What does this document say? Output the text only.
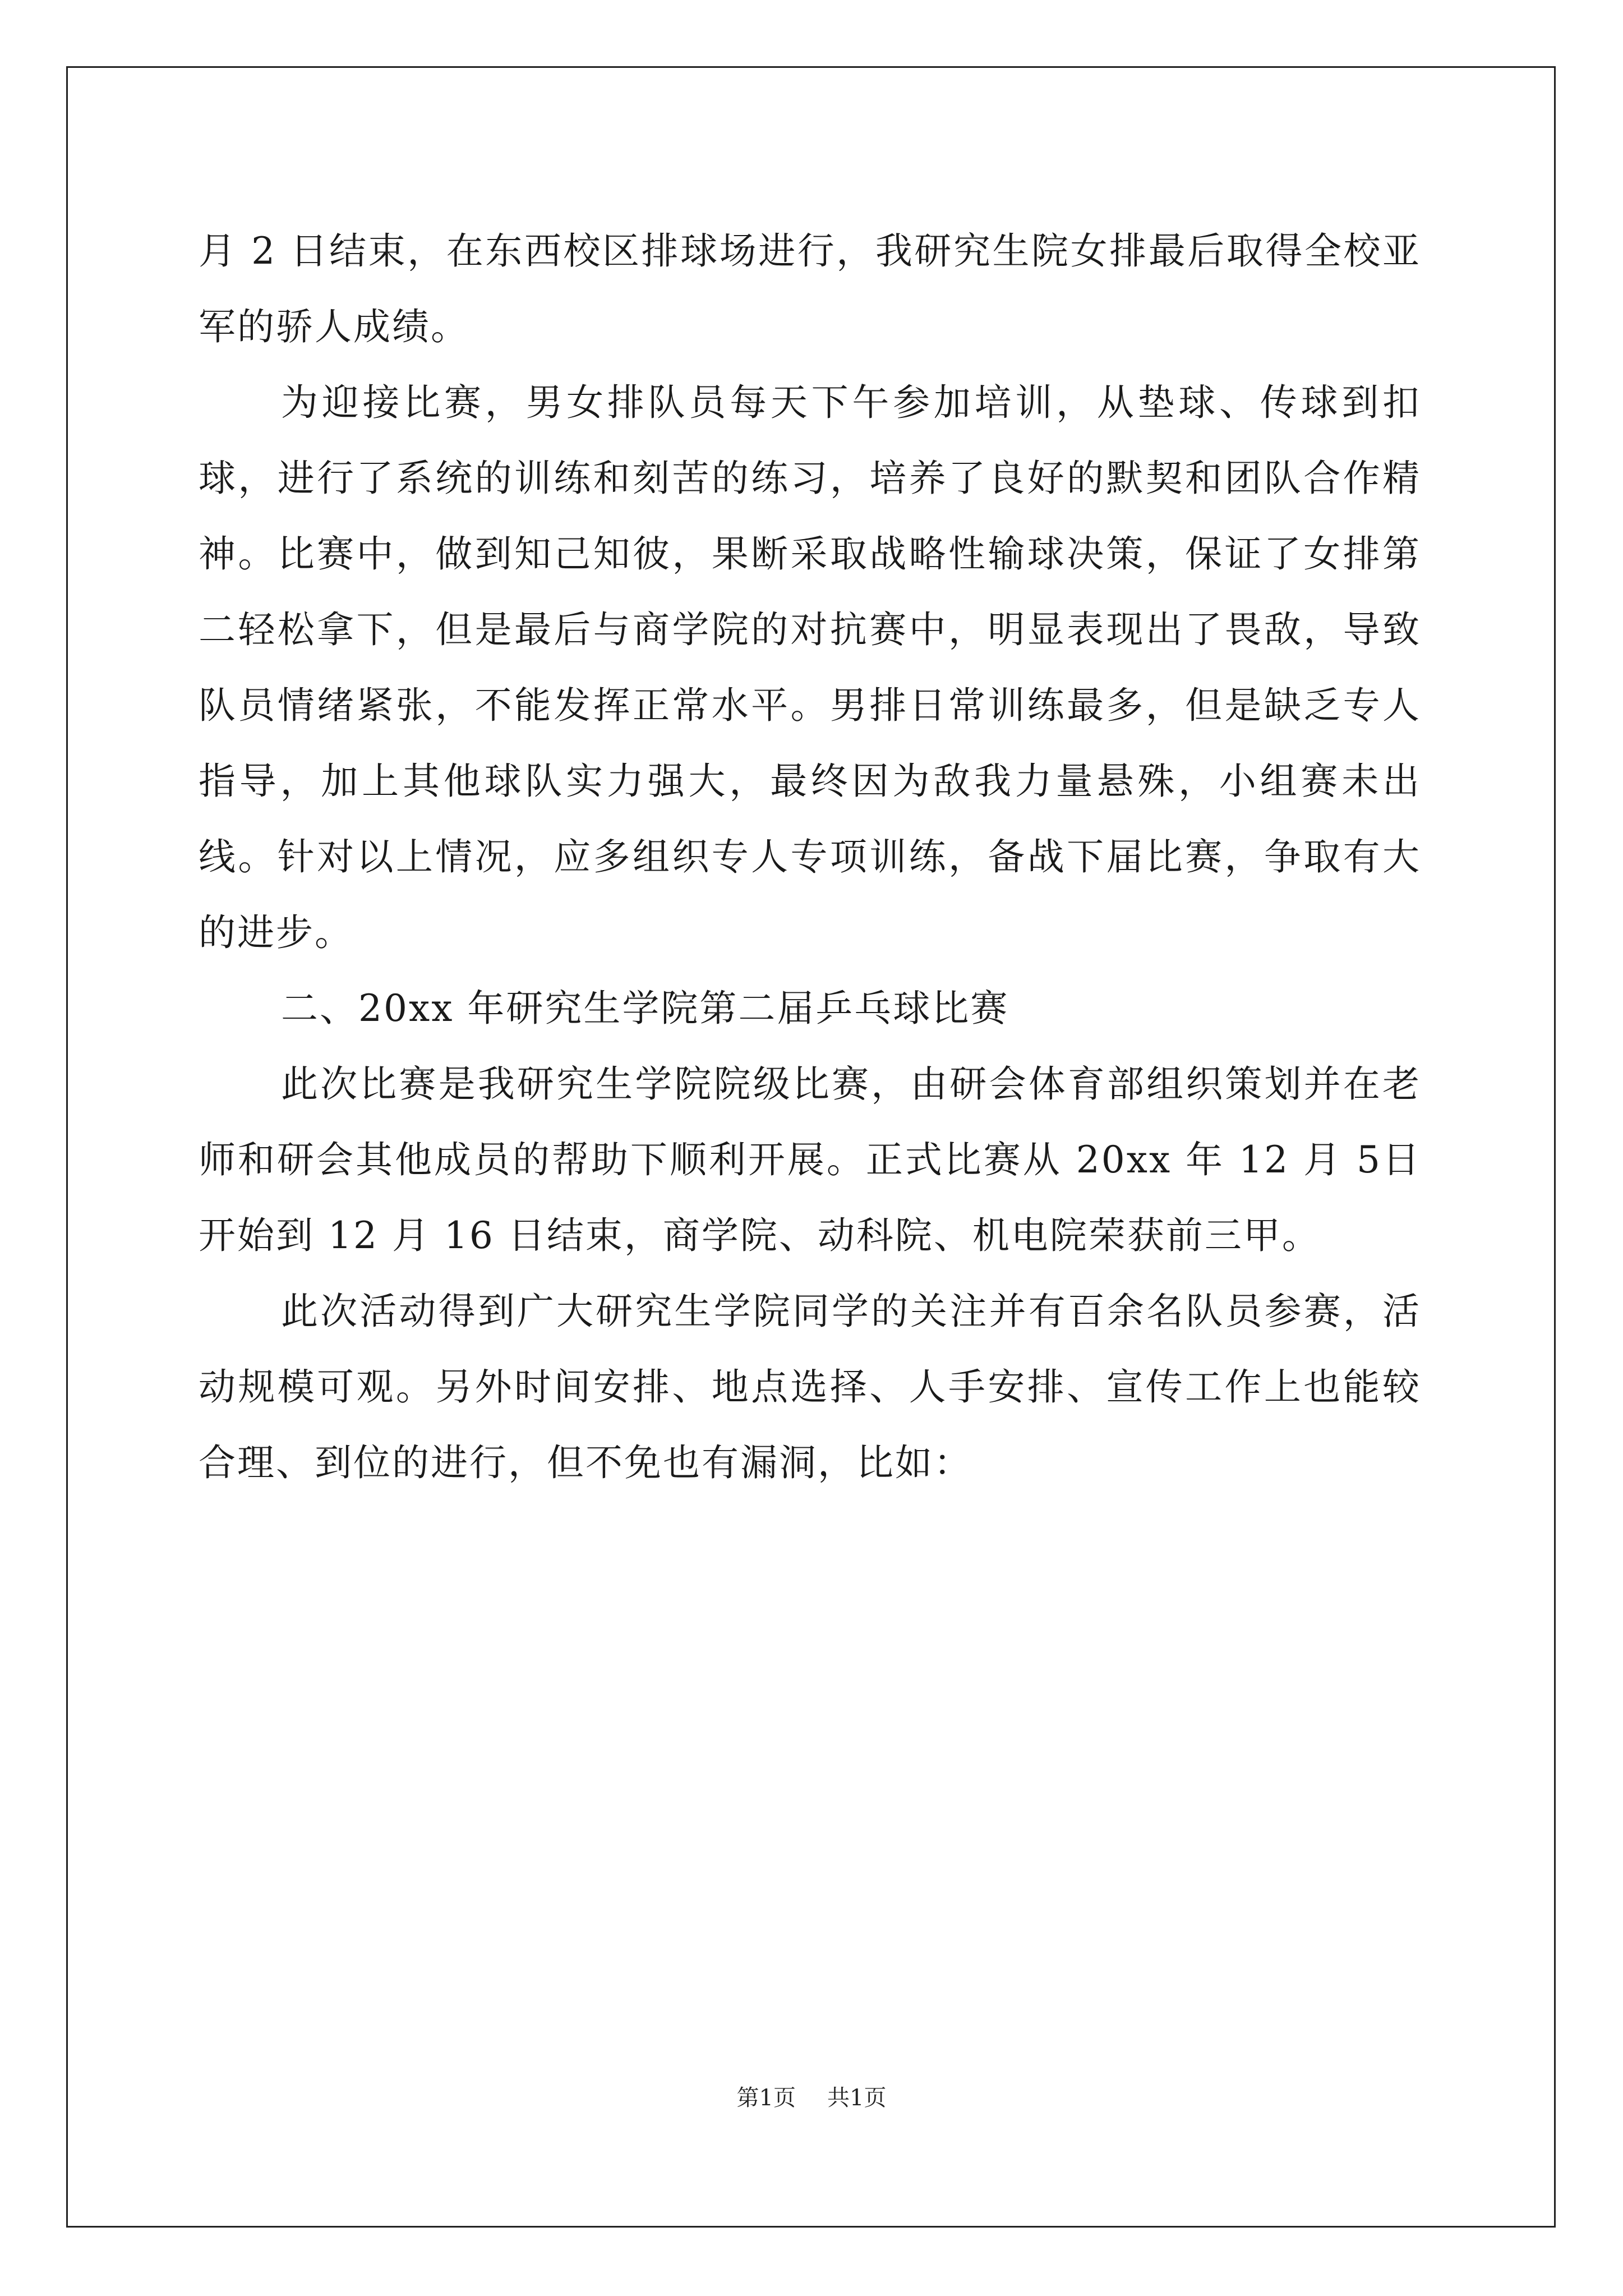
月 2 日结束，在东西校区排球场进行，我研究生院女排最后取得全校亚军的骄人成绩。

为迎接比赛，男女排队员每天下午参加培训，从垫球、传球到扣球，进行了系统的训练和刻苦的练习，培养了良好的默契和团队合作精神。比赛中，做到知己知彼，果断采取战略性输球决策，保证了女排第二轻松拿下，但是最后与商学院的对抗赛中，明显表现出了畏敌，导致队员情绪紧张，不能发挥正常水平。男排日常训练最多，但是缺乏专人指导，加上其他球队实力强大，最终因为敌我力量悬殊，小组赛未出线。针对以上情况，应多组织专人专项训练，备战下届比赛，争取有大的进步。

二、20xx 年研究生学院第二届乒乓球比赛

此次比赛是我研究生学院院级比赛，由研会体育部组织策划并在老师和研会其他成员的帮助下顺利开展。正式比赛从 20xx 年 12 月 5日开始到 12 月 16 日结束，商学院、动科院、机电院荣获前三甲。

此次活动得到广大研究生学院同学的关注并有百余名队员参赛，活动规模可观。另外时间安排、地点选择、人手安排、宣传工作上也能较合理、到位的进行，但不免也有漏洞，比如：

第1页 共1页
